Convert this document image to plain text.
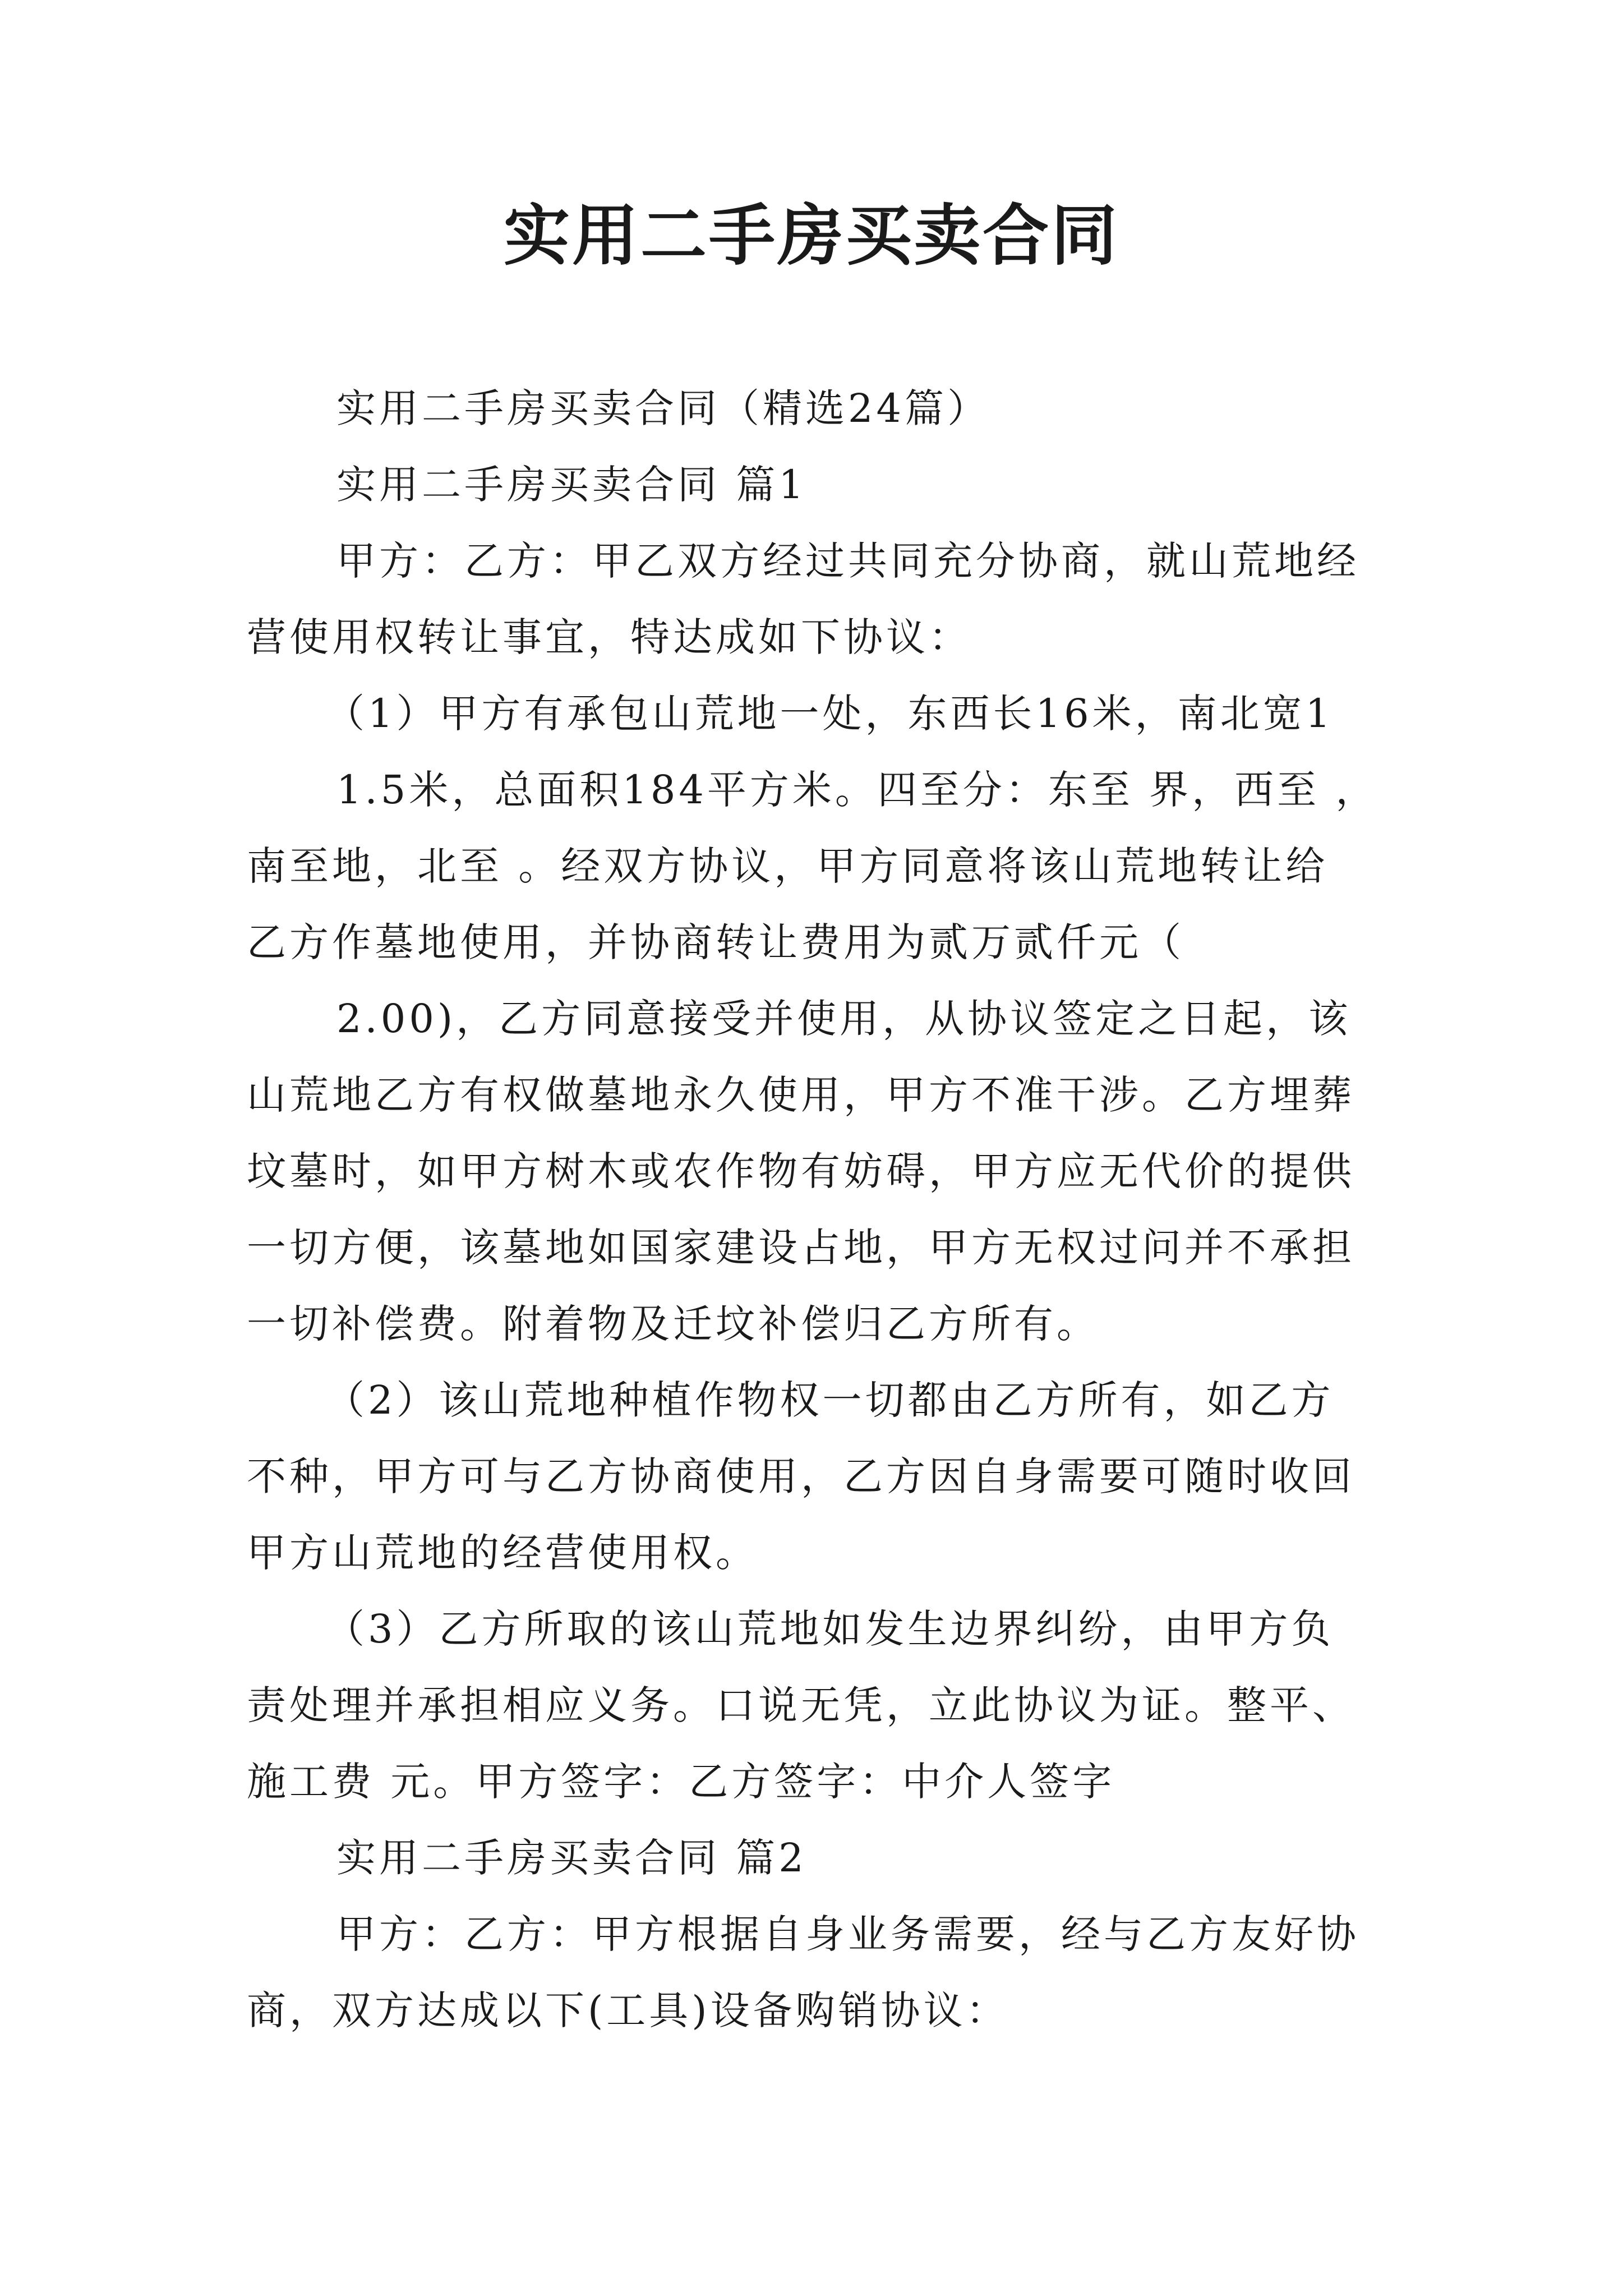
实用二手房买卖合同
实用二手房买卖合同（精选24篇）
实用二手房买卖合同 篇1
甲方：乙方：甲乙双方经过共同充分协商，就山荒地经
营使用权转让事宜，特达成如下协议：
（1）甲方有承包山荒地一处，东西长16米，南北宽1
1.5米，总面积184平方米。四至分：东至 界，西至 ，
南至地，北至 。经双方协议，甲方同意将该山荒地转让给
乙方作墓地使用，并协商转让费用为贰万贰仟元（
2.00)，乙方同意接受并使用，从协议签定之日起，该
山荒地乙方有权做墓地永久使用，甲方不准干涉。乙方埋葬
坟墓时，如甲方树木或农作物有妨碍，甲方应无代价的提供
一切方便，该墓地如国家建设占地，甲方无权过问并不承担
一切补偿费。附着物及迁坟补偿归乙方所有。
（2）该山荒地种植作物权一切都由乙方所有，如乙方
不种，甲方可与乙方协商使用，乙方因自身需要可随时收回
甲方山荒地的经营使用权。
（3）乙方所取的该山荒地如发生边界纠纷，由甲方负
责处理并承担相应义务。口说无凭，立此协议为证。整平、
施工费 元。甲方签字：乙方签字：中介人签字
实用二手房买卖合同 篇2
甲方：乙方：甲方根据自身业务需要，经与乙方友好协
商，双方达成以下(工具)设备购销协议：
